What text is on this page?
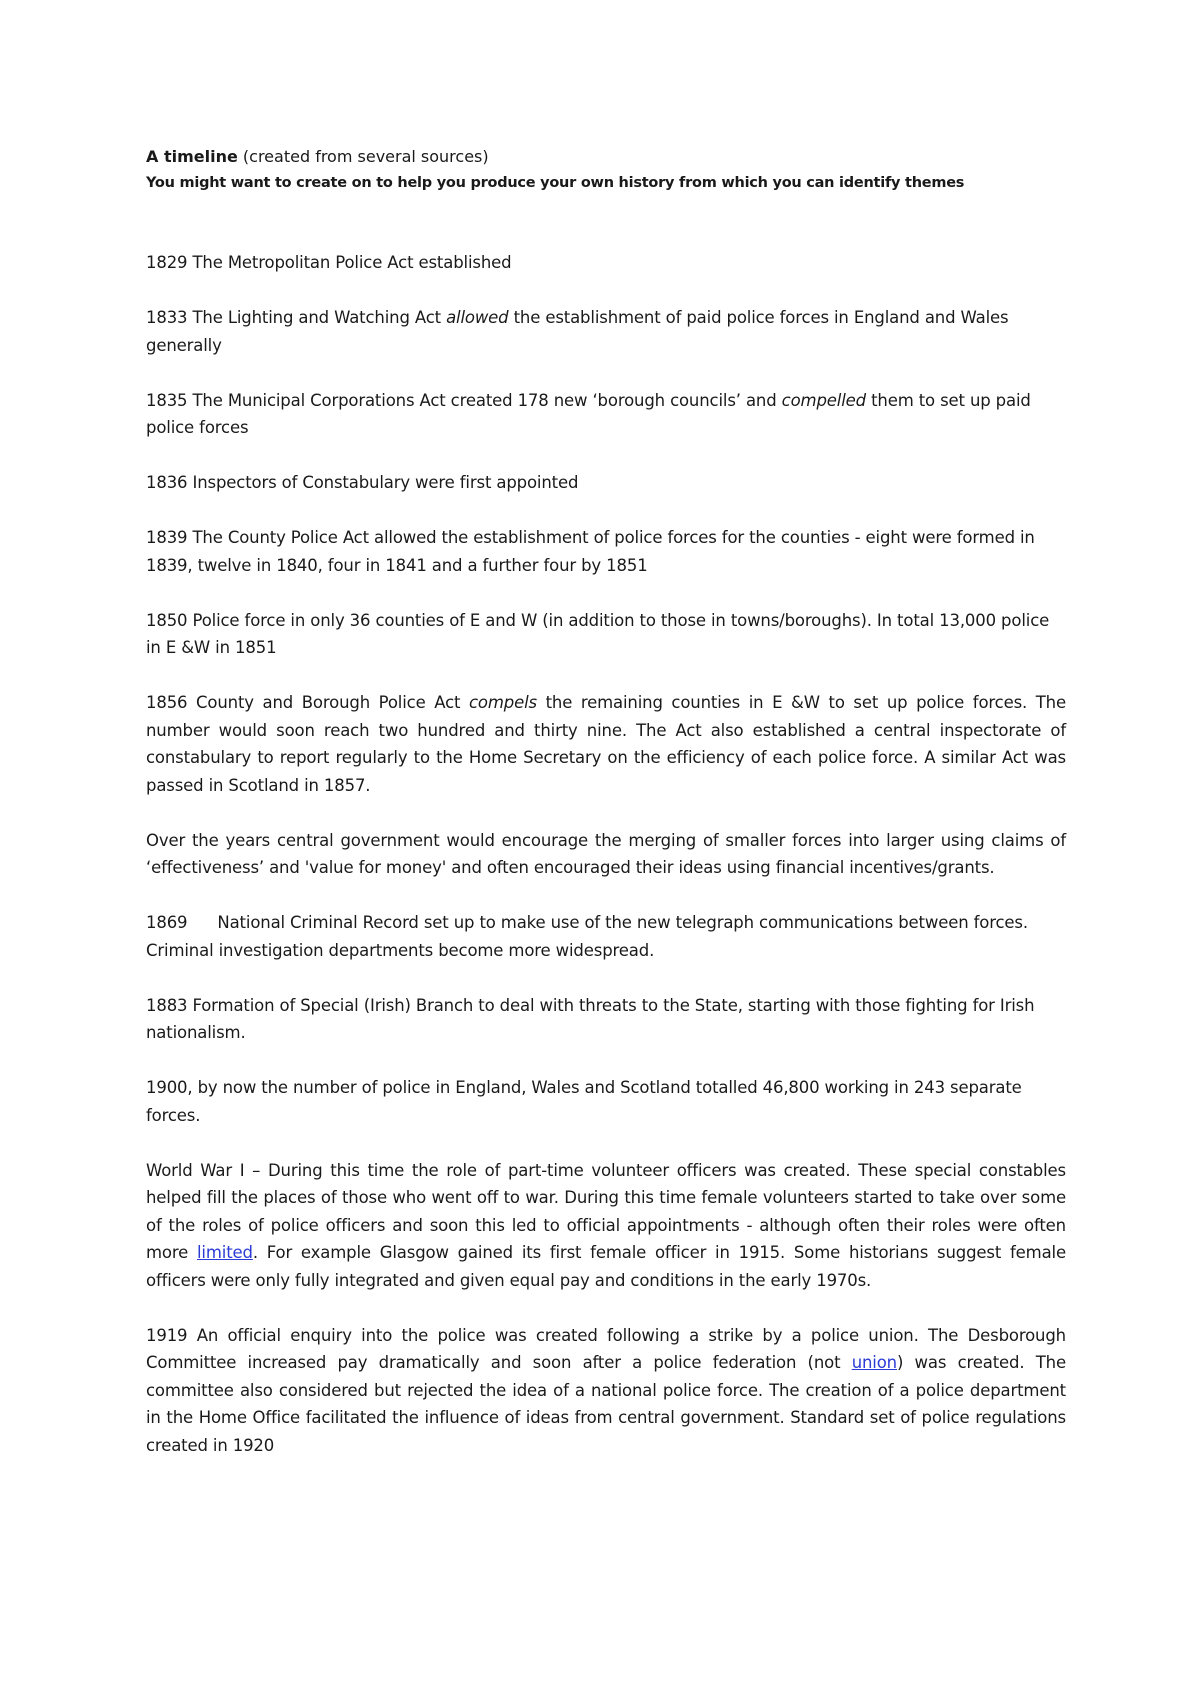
A timeline (created from several sources)

You might want to create on to help you produce your own history from which you can identify themes

1829 The Metropolitan Police Act established

1833 The Lighting and Watching Act allowed the establishment of paid police forces in England and Wales generally

1835 The Municipal Corporations Act created 178 new ‘borough councils’ and compelled them to set up paid police forces

1836 Inspectors of Constabulary were first appointed

1839 The County Police Act allowed the establishment of police forces for the counties - eight were formed in 1839, twelve in 1840, four in 1841 and a further four by 1851

1850 Police force in only 36 counties of E and W (in addition to those in towns/boroughs). In total 13,000 police in E &W in 1851

1856 County and Borough Police Act compels the remaining counties in E &W to set up police forces. The number would soon reach two hundred and thirty nine. The Act also established a central inspectorate of constabulary to report regularly to the Home Secretary on the efficiency of each police force. A similar Act was passed in Scotland in 1857.

Over the years central government would encourage the merging of smaller forces into larger using claims of ‘effectiveness’ and 'value for money' and often encouraged their ideas using financial incentives/grants.

1869 National Criminal Record set up to make use of the new telegraph communications between forces. Criminal investigation departments become more widespread.

1883 Formation of Special (Irish) Branch to deal with threats to the State, starting with those fighting for Irish nationalism.

1900, by now the number of police in England, Wales and Scotland totalled 46,800 working in 243 separate forces.

World War I – During this time the role of part-time volunteer officers was created. These special constables helped fill the places of those who went off to war. During this time female volunteers started to take over some of the roles of police officers and soon this led to official appointments - although often their roles were often more limited. For example Glasgow gained its first female officer in 1915. Some historians suggest female officers were only fully integrated and given equal pay and conditions in the early 1970s.

1919 An official enquiry into the police was created following a strike by a police union. The Desborough Committee increased pay dramatically and soon after a police federation (not union) was created. The committee also considered but rejected the idea of a national police force. The creation of a police department in the Home Office facilitated the influence of ideas from central government. Standard set of police regulations created in 1920
